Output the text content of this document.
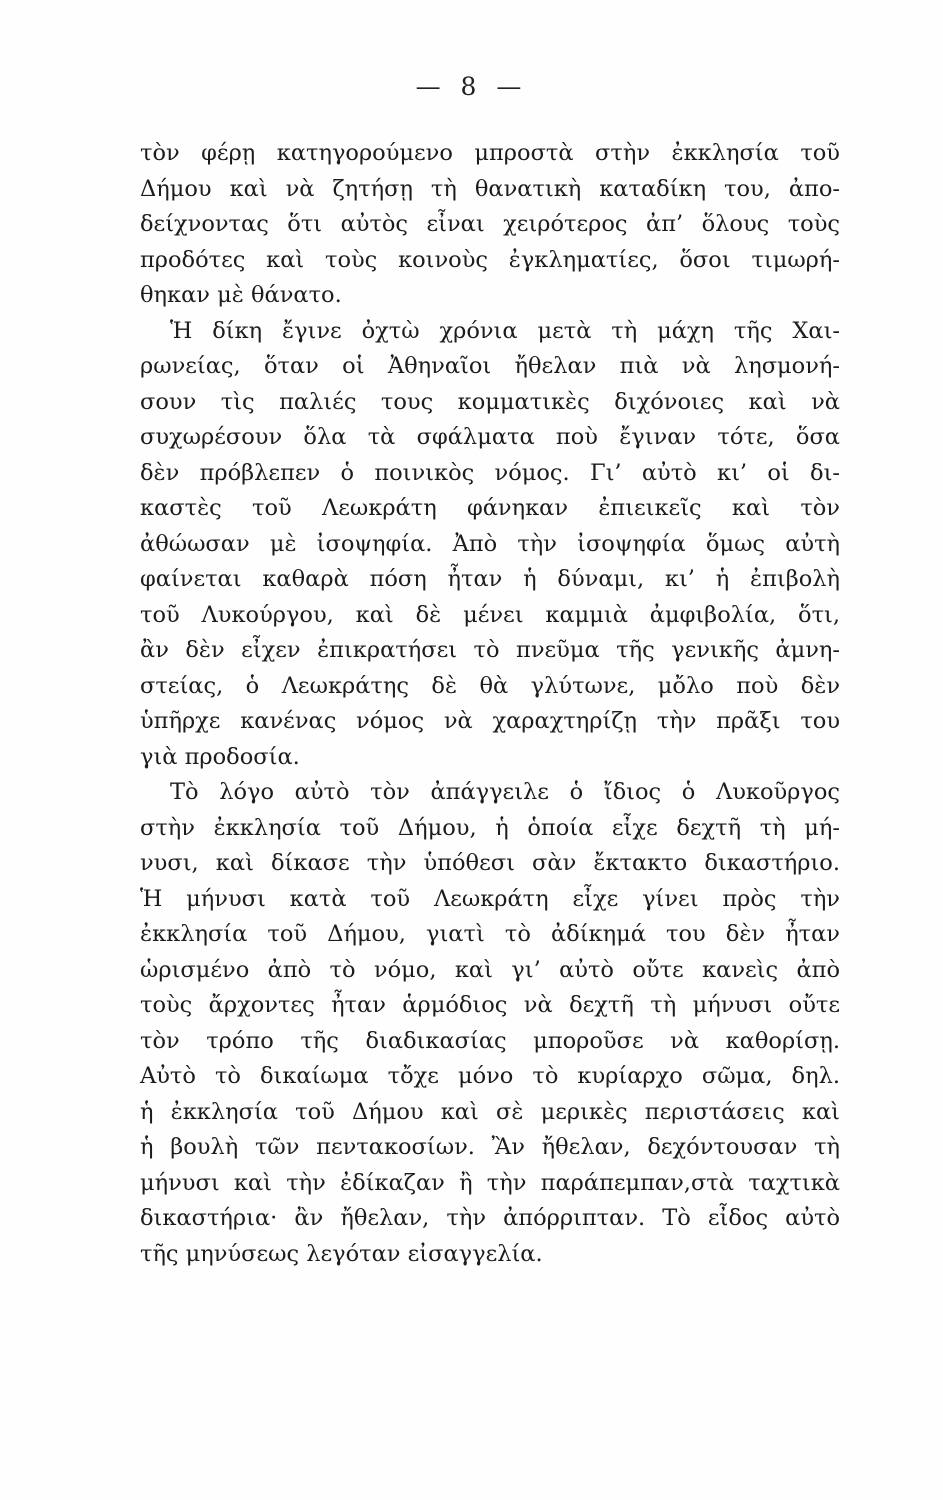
— 8 —
τὸν φέρῃ κατηγορούμενο μπροστὰ στὴν ἐκκλησία τοῦ
Δήμου καὶ νὰ ζητήσῃ τὴ θανατικὴ καταδίκη του, ἀπο-
δείχνοντας ὅτι αὐτὸς εἶναι χειρότερος ἀπ’ ὅλους τοὺς
προδότες καὶ τοὺς κοινοὺς ἐγκληματίες, ὅσοι τιμωρή-
θηκαν μὲ θάνατο.
Ἡ δίκη ἔγινε ὀχτὼ χρόνια μετὰ τὴ μάχη τῆς Χαι-
ρωνείας, ὅταν οἱ Ἀθηναῖοι ἤθελαν πιὰ νὰ λησμονή-
σουν τὶς παλιές τους κομματικὲς διχόνοιες καὶ νὰ
συχωρέσουν ὅλα τὰ σφάλματα ποὺ ἔγιναν τότε, ὅσα
δὲν πρόβλεπεν ὁ ποινικὸς νόμος. Γι’ αὐτὸ κι’ οἱ δι-
καστὲς τοῦ Λεωκράτη φάνηκαν ἐπιεικεῖς καὶ τὸν
ἀθώωσαν μὲ ἰσοψηφία. Ἀπὸ τὴν ἰσοψηφία ὅμως αὐτὴ
φαίνεται καθαρὰ πόση ἦταν ἡ δύναμι, κι’ ἡ ἐπιβολὴ
τοῦ Λυκούργου, καὶ δὲ μένει καμμιὰ ἀμφιβολία, ὅτι,
ἂν δὲν εἶχεν ἐπικρατήσει τὸ πνεῦμα τῆς γενικῆς ἀμνη-
στείας, ὁ Λεωκράτης δὲ θὰ γλύτωνε, μὄλο ποὺ δὲν
ὑπῆρχε κανένας νόμος νὰ χαραχτηρίζῃ τὴν πρᾶξι του
γιὰ προδοσία.
Τὸ λόγο αὐτὸ τὸν ἀπάγγειλε ὁ ἴδιος ὁ Λυκοῦργος
στὴν ἐκκλησία τοῦ Δήμου, ἡ ὁποία εἶχε δεχτῆ τὴ μή-
νυσι, καὶ δίκασε τὴν ὑπόθεσι σὰν ἔκτακτο δικαστήριο.
Ἡ μήνυσι κατὰ τοῦ Λεωκράτη εἶχε γίνει πρὸς τὴν
ἐκκλησία τοῦ Δήμου, γιατὶ τὸ ἀδίκημά του δὲν ἦταν
ὡρισμένο ἀπὸ τὸ νόμο, καὶ γι’ αὐτὸ οὔτε κανεὶς ἀπὸ
τοὺς ἄρχοντες ἦταν ἁρμόδιος νὰ δεχτῆ τὴ μήνυσι οὔτε
τὸν τρόπο τῆς διαδικασίας μποροῦσε νὰ καθορίσῃ.
Αὐτὸ τὸ δικαίωμα τὄχε μόνο τὸ κυρίαρχο σῶμα, δηλ.
ἡ ἐκκλησία τοῦ Δήμου καὶ σὲ μερικὲς περιστάσεις καὶ
ἡ βουλὴ τῶν πεντακοσίων. Ἂν ἤθελαν, δεχόντουσαν τὴ
μήνυσι καὶ τὴν ἐδίκαζαν ἢ τὴν παράπεμπαν,στὰ ταχτικὰ
δικαστήρια· ἂν ἤθελαν, τὴν ἀπόρριπταν. Τὸ εἶδος αὐτὸ
τῆς μηνύσεως λεγόταν εἰσαγγελία.
